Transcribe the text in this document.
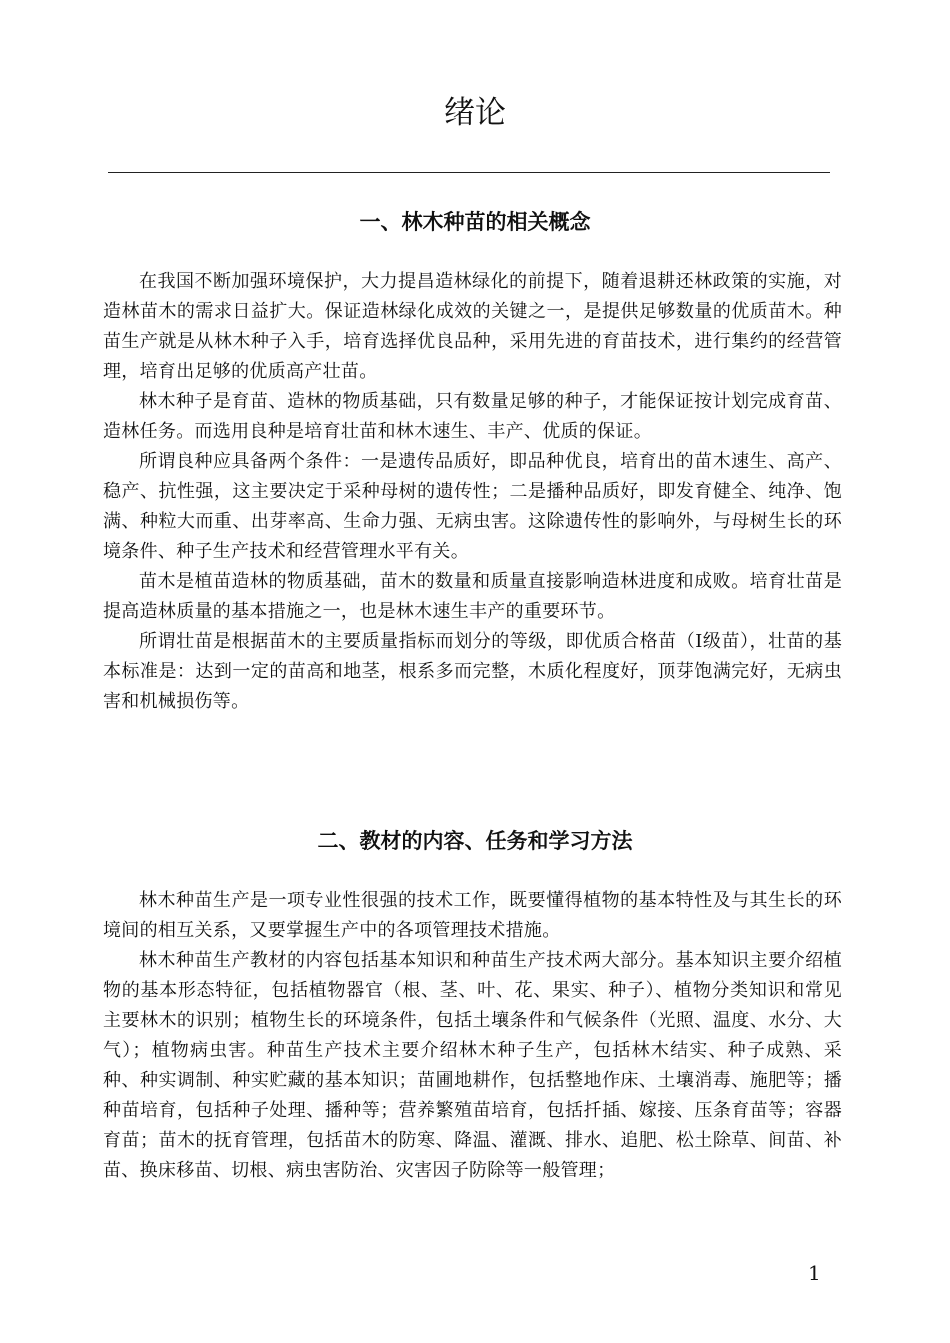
绪论
一、林木种苗的相关概念

在我国不断加强环境保护，大力提昌造林绿化的前提下，随着退耕还林政策的实施，对造林苗木的需求日益扩大。保证造林绿化成效的关键之一，是提供足够数量的优质苗木。种苗生产就是从林木种子入手，培育选择优良品种，采用先进的育苗技术，进行集约的经营管理，培育出足够的优质高产壮苗。

林木种子是育苗、造林的物质基础，只有数量足够的种子，才能保证按计划完成育苗、造林任务。而选用良种是培育壮苗和林木速生、丰产、优质的保证。

所谓良种应具备两个条件：一是遗传品质好，即品种优良，培育出的苗木速生、高产、稳产、抗性强，这主要决定于采种母树的遗传性；二是播种品质好，即发育健全、纯净、饱满、种粒大而重、出芽率高、生命力强、无病虫害。这除遗传性的影响外，与母树生长的环境条件、种子生产技术和经营管理水平有关。

苗木是植苗造林的物质基础，苗木的数量和质量直接影响造林进度和成败。培育壮苗是提高造林质量的基本措施之一，也是林木速生丰产的重要环节。

所谓壮苗是根据苗木的主要质量指标而划分的等级，即优质合格苗（Ⅰ级苗），壮苗的基本标准是：达到一定的苗高和地茎，根系多而完整，木质化程度好，顶芽饱满完好，无病虫害和机械损伤等。

二、教材的内容、任务和学习方法

林木种苗生产是一项专业性很强的技术工作，既要懂得植物的基本特性及与其生长的环境间的相互关系，又要掌握生产中的各项管理技术措施。

林木种苗生产教材的内容包括基本知识和种苗生产技术两大部分。基本知识主要介绍植物的基本形态特征，包括植物器官（根、茎、叶、花、果实、种子）、植物分类知识和常见主要林木的识别；植物生长的环境条件，包括土壤条件和气候条件（光照、温度、水分、大气）；植物病虫害。种苗生产技术主要介绍林木种子生产，包括林木结实、种子成熟、采种、种实调制、种实贮藏的基本知识；苗圃地耕作，包括整地作床、土壤消毒、施肥等；播种苗培育，包括种子处理、播种等；营养繁殖苗培育，包括扦插、嫁接、压条育苗等；容器育苗；苗木的抚育管理，包括苗木的防寒、降温、灌溉、排水、追肥、松土除草、间苗、补苗、换床移苗、切根、病虫害防治、灾害因子防除等一般管理；

1
